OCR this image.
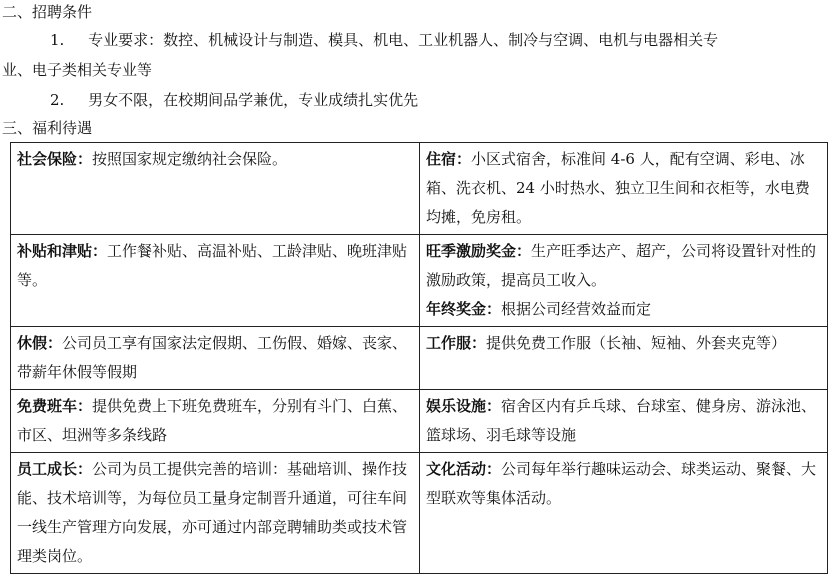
二、招聘条件
1. 专业要求：数控、机械设计与制造、模具、机电、工业机器人、制冷与空调、电机与电器相关专
业、电子类相关专业等
2. 男女不限，在校期间品学兼优，专业成绩扎实优先
三、福利待遇
社会保险：按照国家规定缴纳社会保险。	住宿：小区式宿舍，标准间 4-6 人，配有空调、彩电、冰箱、洗衣机、24 小时热水、独立卫生间和衣柜等，水电费均摊，免房租。
补贴和津贴：工作餐补贴、高温补贴、工龄津贴、晚班津贴等。	旺季激励奖金：生产旺季达产、超产，公司将设置针对性的激励政策，提高员工收入。
年终奖金：根据公司经营效益而定

休假：公司员工享有国家法定假期、工伤假、婚嫁、丧家、带薪年休假等假期	工作服：提供免费工作服（长袖、短袖、外套夹克等）
免费班车：提供免费上下班免费班车，分别有斗门、白蕉、市区、坦洲等多条线路	娱乐设施：宿舍区内有乒乓球、台球室、健身房、游泳池、篮球场、羽毛球等设施
员工成长：公司为员工提供完善的培训：基础培训、操作技能、技术培训等，为每位员工量身定制晋升通道，可往车间一线生产管理方向发展，亦可通过内部竞聘辅助类或技术管理类岗位。	文化活动：公司每年举行趣味运动会、球类运动、聚餐、大型联欢等集体活动。
